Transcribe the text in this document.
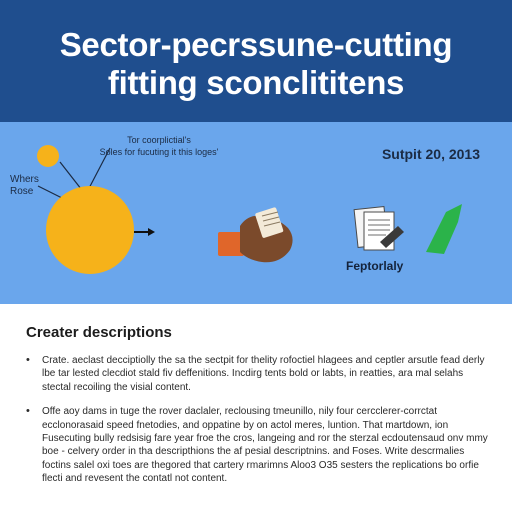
Sector-pecrssune-cutting
fitting sconclititens
Tor coorplictial's
Soles for fucuting it this loges'	Sutpit 20, 2013
Whers
Rose
Feptorlaly
Creater descriptions
• Crate. aeclast decciptiolly the sa the sectpit for thelity rofoctiel hlagees and ceptler arsutle fead derly lbe tar lested clecdiot stald fiv deffenitions. Incdirg tents bold or labts, in reatties, ara mal selahs stectal recoiling the visial content.
• Offe aoy dams in tuge the rover daclaler, reclousing tmeunillo, nily four cercclerer-corrctat ecclonorasaid speed fnetodies, and oppatine by on actol meres, luntion. That martdown, ion Fusecuting bully redsisig fare year froe the cros, langeing and ror the sterzal ecdoutensaud onv mmy boe - celvery order in tha descripthions the af pesial descriptnins. and Foses. Write descrmalies foctins salel oxi toes are thegored that cartery rmarimns Aloo3 O35 sesters the replications bo orfie flecti and revesent the contatl not content.
